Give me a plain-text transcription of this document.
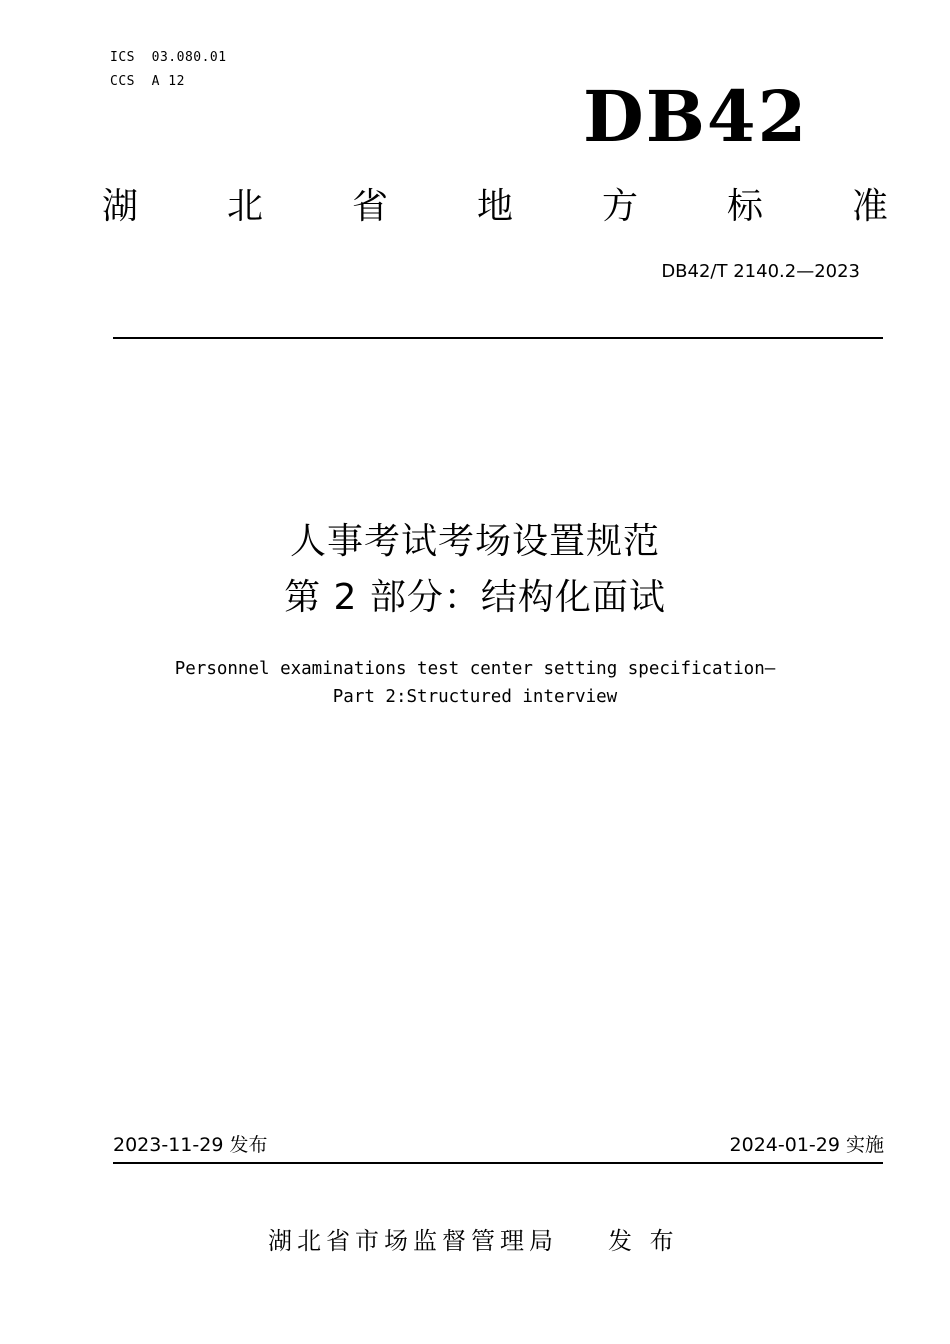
ICS  03.080.01
CCS  A 12	DB42
湖 北 省 地 方 标 准
DB42/T 2140.2—2023
人事考试考场设置规范
第 2 部分：结构化面试
Personnel examinations test center setting specification—
Part 2:Structured interview
2023-11-29 发布	2024-01-29 实施
湖北省市场监督管理局 发 布
